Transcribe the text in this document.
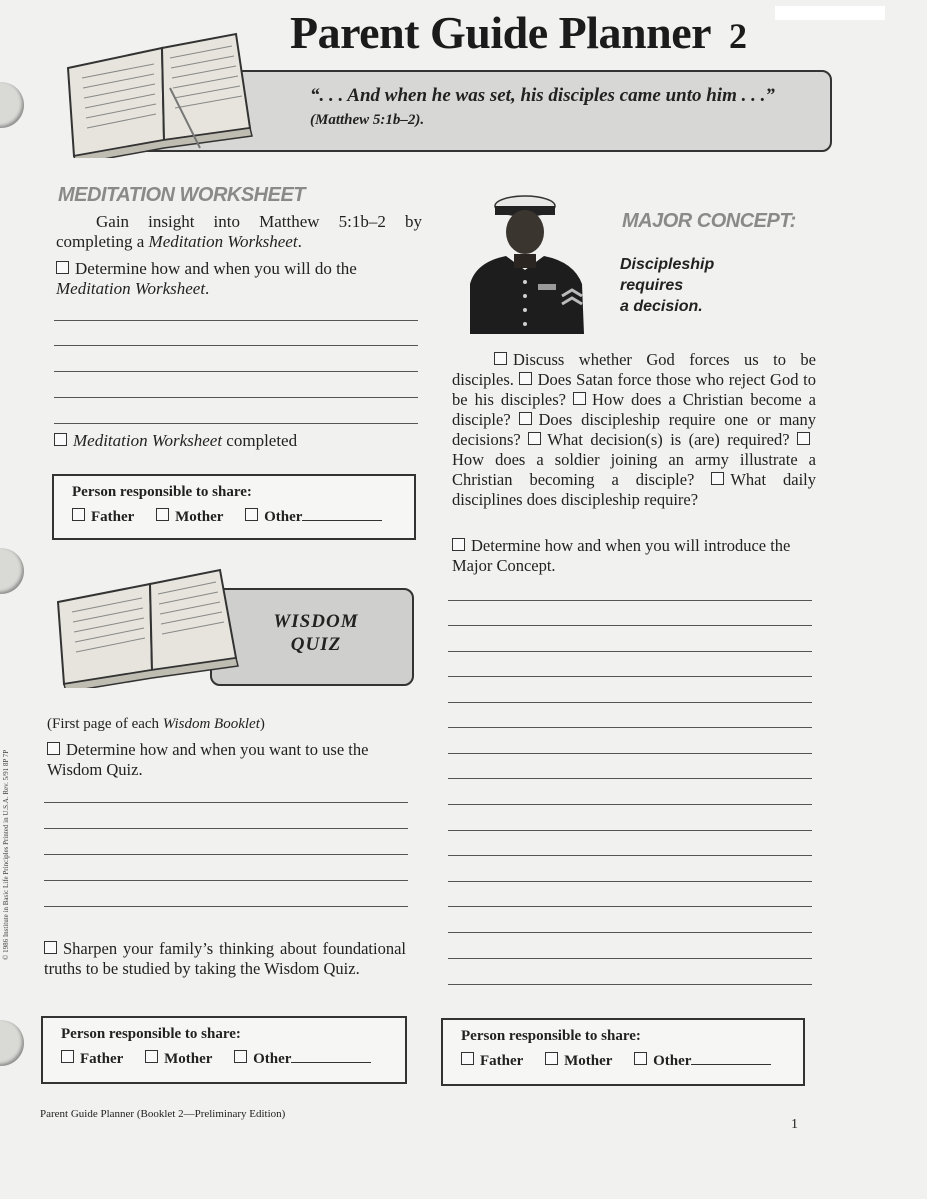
Parent Guide Planner 2
“. . . And when he was set, his disciples came unto him . . .” (Matthew 5:1b–2).
MEDITATION WORKSHEET
Gain insight into Matthew 5:1b–2 by completing a Meditation Worksheet.
Determine how and when you will do the Meditation Worksheet.
Meditation Worksheet completed
Person responsible to share:
Father	Mother	Other
MAJOR CONCEPT:
Discipleship
requires
a decision.
Discuss whether God forces us to be disciples. Does Satan force those who reject God to be his disciples? How does a Christian become a disciple? Does discipleship require one or many decisions? What decision(s) is (are) required? How does a soldier joining an army illustrate a Christian becoming a disciple? What daily disciplines does discipleship require?
Determine how and when you will introduce the Major Concept.
Person responsible to share:
Father	Mother	Other
WISDOM
QUIZ
(First page of each Wisdom Booklet)
Determine how and when you want to use the Wisdom Quiz.
Sharpen your family’s thinking about foundational truths to be studied by taking the Wisdom Quiz.
Person responsible to share:
Father	Mother	Other
Parent Guide Planner (Booklet 2—Preliminary Edition)
1
© 1986 Institute in Basic Life Principles Printed in U.S.A. Rev. 5/91 8P 7P
